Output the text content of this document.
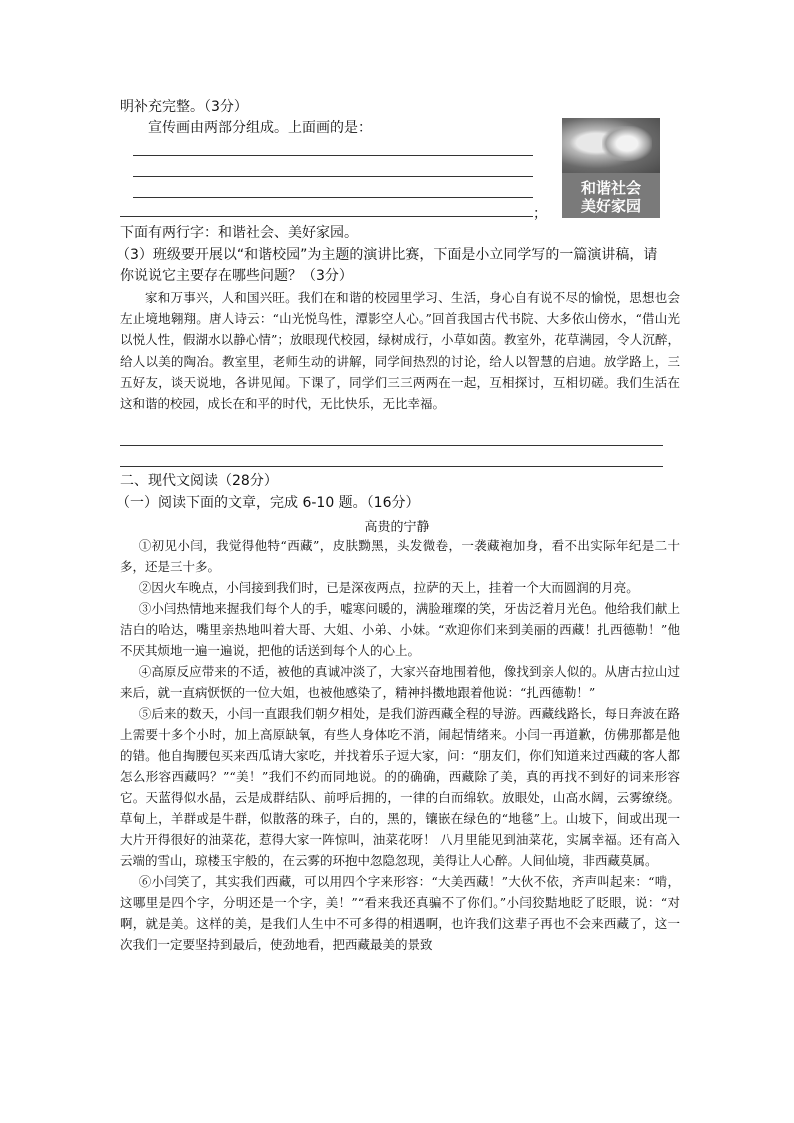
明补充完整。（3分）
宣传画由两部分组成。上面画的是：
；
和谐社会
美好家园
下面有两行字：和谐社会、美好家园。
（3）班级要开展以“和谐校园”为主题的演讲比赛，下面是小立同学写的一篇演讲稿，请
你说说它主要存在哪些问题？（3分）

家和万事兴，人和国兴旺。我们在和谐的校园里学习、生活，身心自有说不尽的愉悦，思想也会左止境地翱翔。唐人诗云：“山光悦鸟性，潭影空人心。”回首我国古代书院、大多依山傍水，“借山光以悦人性，假湖水以静心情”；放眼现代校园，绿树成行，小草如茵。教室外，花草满园，令人沉醉，给人以美的陶冶。教室里，老师生动的讲解，同学间热烈的讨论，给人以智慧的启迪。放学路上，三五好友，谈天说地，各讲见闻。下课了，同学们三三两两在一起，互相探讨，互相切磋。我们生活在这和谐的校园，成长在和平的时代，无比快乐，无比幸福。

二、现代文阅读（28分）
（一）阅读下面的文章，完成 6-10 题。（16分）
高贵的宁静

①初见小闫，我觉得他特“西藏”，皮肤黝黑，头发微卷，一袭藏袍加身，看不出实际年纪是二十多，还是三十多。

②因火车晚点，小闫接到我们时，已是深夜两点，拉萨的天上，挂着一个大而圆润的月亮。

③小闫热情地来握我们每个人的手，嘘寒问暖的，满脸璀璨的笑，牙齿泛着月光色。他给我们献上洁白的哈达，嘴里亲热地叫着大哥、大姐、小弟、小妹。“欢迎你们来到美丽的西藏！扎西德勒！”他不厌其烦地一遍一遍说，把他的话送到每个人的心上。

④高原反应带来的不适，被他的真诚冲淡了，大家兴奋地围着他，像找到亲人似的。从唐古拉山过来后，就一直病恹恹的一位大姐，也被他感染了，精神抖擞地跟着他说：“扎西德勒！”

⑤后来的数天，小闫一直跟我们朝夕相处，是我们游西藏全程的导游。西藏线路长，每日奔波在路上需要十多个小时，加上高原缺氧，有些人身体吃不消，闹起情绪来。小闫一再道歉，仿佛那都是他的错。他自掏腰包买来西瓜请大家吃，并找着乐子逗大家，问：“朋友们，你们知道来过西藏的客人都怎么形容西藏吗？”“美！”我们不约而同地说。的的确确，西藏除了美，真的再找不到好的词来形容它。天蓝得似水晶，云是成群结队、前呼后拥的，一律的白而绵软。放眼处，山高水阔，云雾缭绕。草甸上，羊群或是牛群，似散落的珠子，白的，黑的，镶嵌在绿色的“地毯”上。山坡下，间或出现一大片开得很好的油菜花，惹得大家一阵惊叫，油菜花呀！ 八月里能见到油菜花，实属幸福。还有高入云端的雪山，琼楼玉宇般的，在云雾的环抱中忽隐忽现，美得让人心醉。人间仙境，非西藏莫属。

⑥小闫笑了，其实我们西藏，可以用四个字来形容：“大美西藏！”大伙不依，齐声叫起来：“啃，这哪里是四个字，分明还是一个字，美！”“看来我还真骗不了你们。”小闫狡黠地眨了眨眼，说：“对啊，就是美。这样的美，是我们人生中不可多得的相遇啊，也许我们这辈子再也不会来西藏了，这一次我们一定要坚持到最后，使劲地看，把西藏最美的景致
